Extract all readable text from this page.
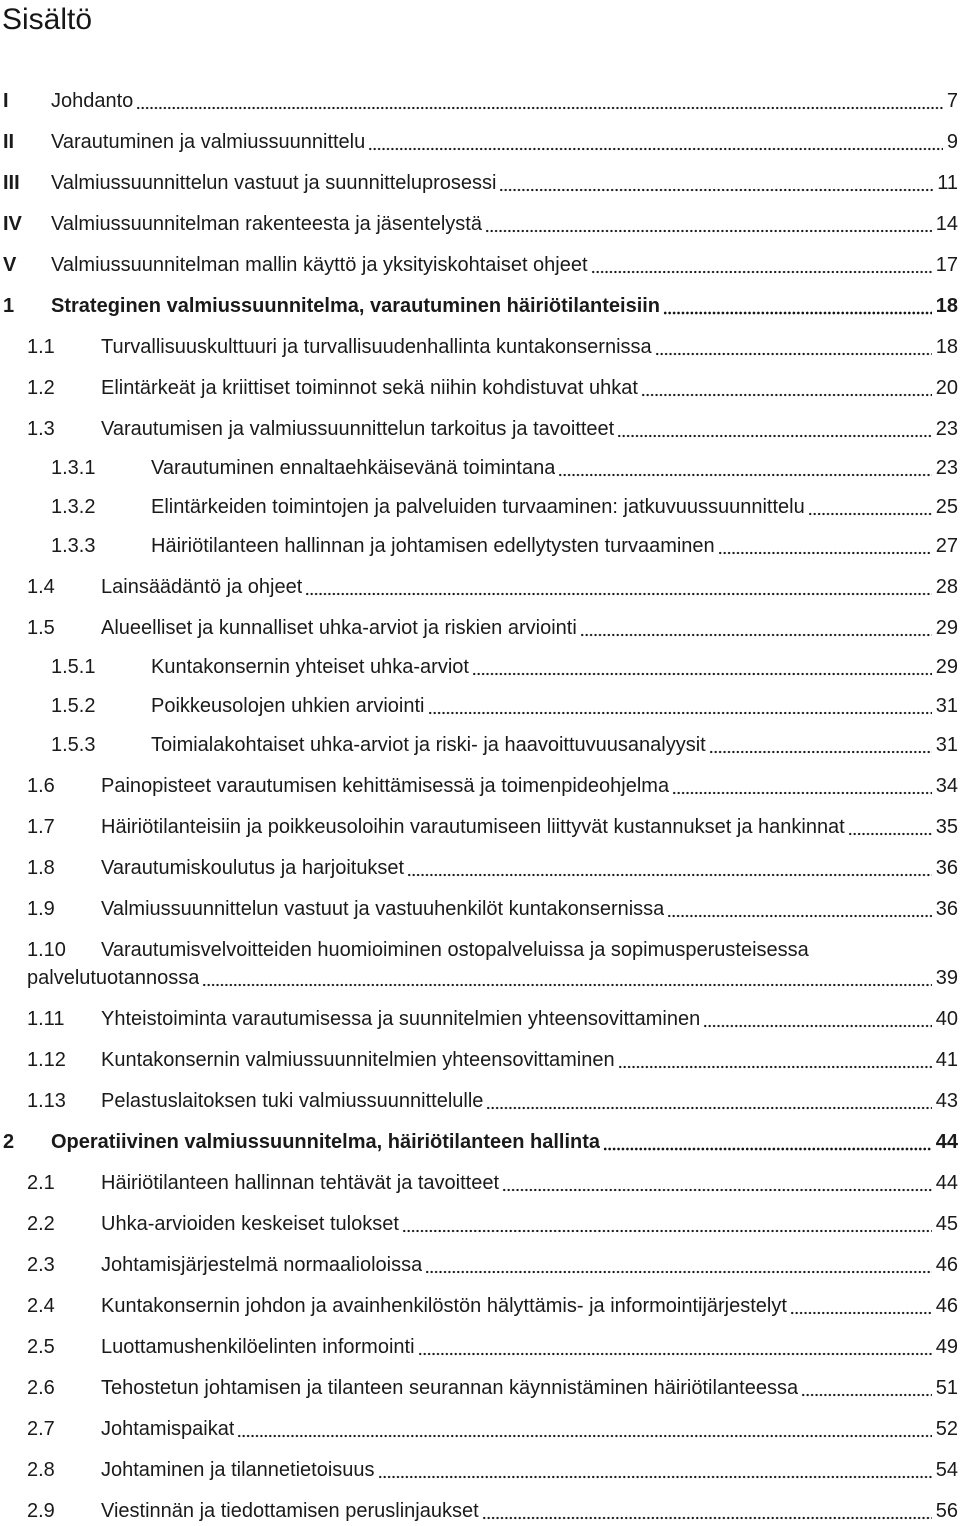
Sisältö
I	Johdanto	7
II	Varautuminen ja valmiussuunnittelu	9
III	Valmiussuunnittelun vastuut ja suunnitteluprosessi	11
IV	Valmiussuunnitelman rakenteesta ja jäsentelystä	14
V	Valmiussuunnitelman mallin käyttö ja yksityiskohtaiset ohjeet	17
1	Strateginen valmiussuunnitelma, varautuminen häiriötilanteisiin	18
1.1	Turvallisuuskulttuuri ja turvallisuudenhallinta kuntakonsernissa	18
1.2	Elintärkeät ja kriittiset toiminnot sekä niihin kohdistuvat uhkat	20
1.3	Varautumisen ja valmiussuunnittelun tarkoitus ja tavoitteet	23
1.3.1	Varautuminen ennaltaehkäisevänä toimintana	23
1.3.2	Elintärkeiden toimintojen ja palveluiden turvaaminen: jatkuvuussuunnittelu	25
1.3.3	Häiriötilanteen hallinnan ja johtamisen edellytysten turvaaminen	27
1.4	Lainsäädäntö ja ohjeet	28
1.5	Alueelliset ja kunnalliset uhka-arviot ja riskien arviointi	29
1.5.1	Kuntakonsernin yhteiset uhka-arviot	29
1.5.2	Poikkeusolojen uhkien arviointi	31
1.5.3	Toimialakohtaiset uhka-arviot ja riski- ja haavoittuvuusanalyysit	31
1.6	Painopisteet varautumisen kehittämisessä ja toimenpideohjelma	34
1.7	Häiriötilanteisiin ja poikkeusoloihin varautumiseen liittyvät kustannukset ja hankinnat	35
1.8	Varautumiskoulutus ja harjoitukset	36
1.9	Valmiussuunnittelun vastuut ja vastuuhenkilöt kuntakonsernissa	36
1.10	Varautumisvelvoitteiden huomioiminen ostopalveluissa ja sopimusperusteisessa
palvelutuotannossa	39
1.11	Yhteistoiminta varautumisessa ja suunnitelmien yhteensovittaminen	40
1.12	Kuntakonsernin valmiussuunnitelmien yhteensovittaminen	41
1.13	Pelastuslaitoksen tuki valmiussuunnittelulle	43
2	Operatiivinen valmiussuunnitelma, häiriötilanteen hallinta	44
2.1	Häiriötilanteen hallinnan tehtävät ja tavoitteet	44
2.2	Uhka-arvioiden keskeiset tulokset	45
2.3	Johtamisjärjestelmä normaalioloissa	46
2.4	Kuntakonsernin johdon ja avainhenkilöstön hälyttämis- ja informointijärjestelyt	46
2.5	Luottamushenkilöelinten informointi	49
2.6	Tehostetun johtamisen ja tilanteen seurannan käynnistäminen häiriötilanteessa	51
2.7	Johtamispaikat	52
2.8	Johtaminen ja tilannetietoisuus	54
2.9	Viestinnän ja tiedottamisen peruslinjaukset	56
